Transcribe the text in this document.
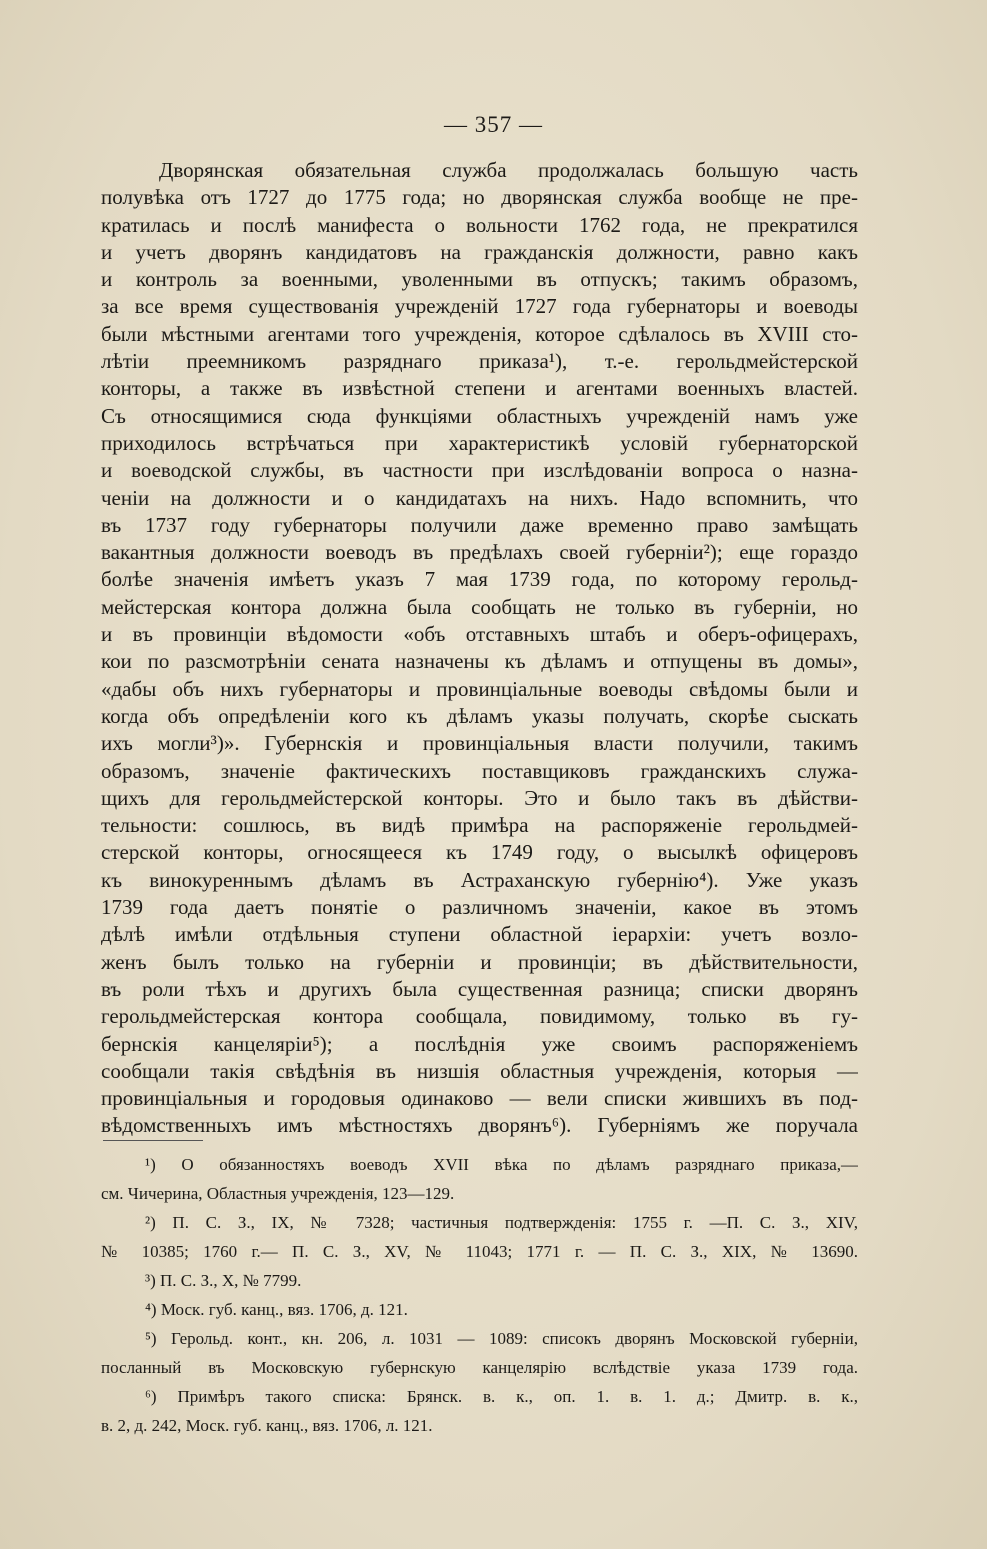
— 357 —
Дворянская обязательная служба продолжалась большую часть
полувѣка отъ 1727 до 1775 года; но дворянская служба вообще не пре-
кратилась и послѣ манифеста о вольности 1762 года, не прекратился
и учетъ дворянъ кандидатовъ на гражданскія должности, равно какъ
и контроль за военными, уволенными въ отпускъ; такимъ образомъ,
за все время существованія учрежденій 1727 года губернаторы и воеводы
были мѣстными агентами того учрежденія, которое сдѣлалось въ XVIII сто-
лѣтіи преемникомъ разряднаго приказа¹), т.-е. герольдмейстерской
конторы, а также въ извѣстной степени и агентами военныхъ властей.
Съ относящимися сюда функціями областныхъ учрежденій намъ уже
приходилось встрѣчаться при характеристикѣ условій губернаторской
и воеводской службы, въ частности при изслѣдованіи вопроса о назна-
ченіи на должности и о кандидатахъ на нихъ. Надо вспомнить, что
въ 1737 году губернаторы получили даже временно право замѣщать
вакантныя должности воеводъ въ предѣлахъ своей губерніи²); еще гораздо
болѣе значенія имѣетъ указъ 7 мая 1739 года, по которому герольд-
мейстерская контора должна была сообщать не только въ губерніи, но
и въ провинціи вѣдомости «объ отставныхъ штабъ и оберъ-офицерахъ,
кои по разсмотрѣніи сената назначены къ дѣламъ и отпущены въ домы»,
«дабы объ нихъ губернаторы и провинціальные воеводы свѣдомы были и
когда объ опредѣленіи кого къ дѣламъ указы получать, скорѣе сыскать
ихъ могли³)». Губернскія и провинціальныя власти получили, такимъ
образомъ, значеніе фактическихъ поставщиковъ гражданскихъ служа-
щихъ для герольдмейстерской конторы. Это и было такъ въ дѣйстви-
тельности: сошлюсь, въ видѣ примѣра на распоряженіе герольдмей-
стерской конторы, огносящееся къ 1749 году, о высылкѣ офицеровъ
къ винокуреннымъ дѣламъ въ Астраханскую губернію⁴). Уже указъ
1739 года даетъ понятіе о различномъ значеніи, какое въ этомъ
дѣлѣ имѣли отдѣльныя ступени областной іерархіи: учетъ возло-
женъ былъ только на губерніи и провинціи; въ дѣйствительности,
въ роли тѣхъ и другихъ была существенная разница; списки дворянъ
герольдмейстерская контора сообщала, повидимому, только въ гу-
бернскія канцеляріи⁵); а послѣднія уже своимъ распоряженіемъ
сообщали такія свѣдѣнія въ низшія областныя учрежденія, которыя —
провинціальныя и городовыя одинаково — вели списки жившихъ въ под-
вѣдомственныхъ имъ мѣстностяхъ дворянъ⁶). Губерніямъ же поручала
¹) О обязанностяхъ воеводъ XVII вѣка по дѣламъ разряднаго приказа,—
см. Чичерина, Областныя учрежденія, 123—129.
²) П. С. З., IX, № 7328; частичныя подтвержденія: 1755 г. —П. С. З., XIV,
№ 10385; 1760 г.— П. С. З., XV, № 11043; 1771 г. — П. С. З., XIX, № 13690.
³) П. С. З., X, № 7799.
⁴) Моск. губ. канц., вяз. 1706, д. 121.
⁵) Герольд. конт., кн. 206, л. 1031 — 1089: списокъ дворянъ Московской губерніи,
посланный въ Московскую губернскую канцелярію вслѣдствіе указа 1739 года.
⁶) Примѣръ такого списка: Брянск. в. к., оп. 1. в. 1. д.; Дмитр. в. к.,
в. 2, д. 242, Моск. губ. канц., вяз. 1706, л. 121.
